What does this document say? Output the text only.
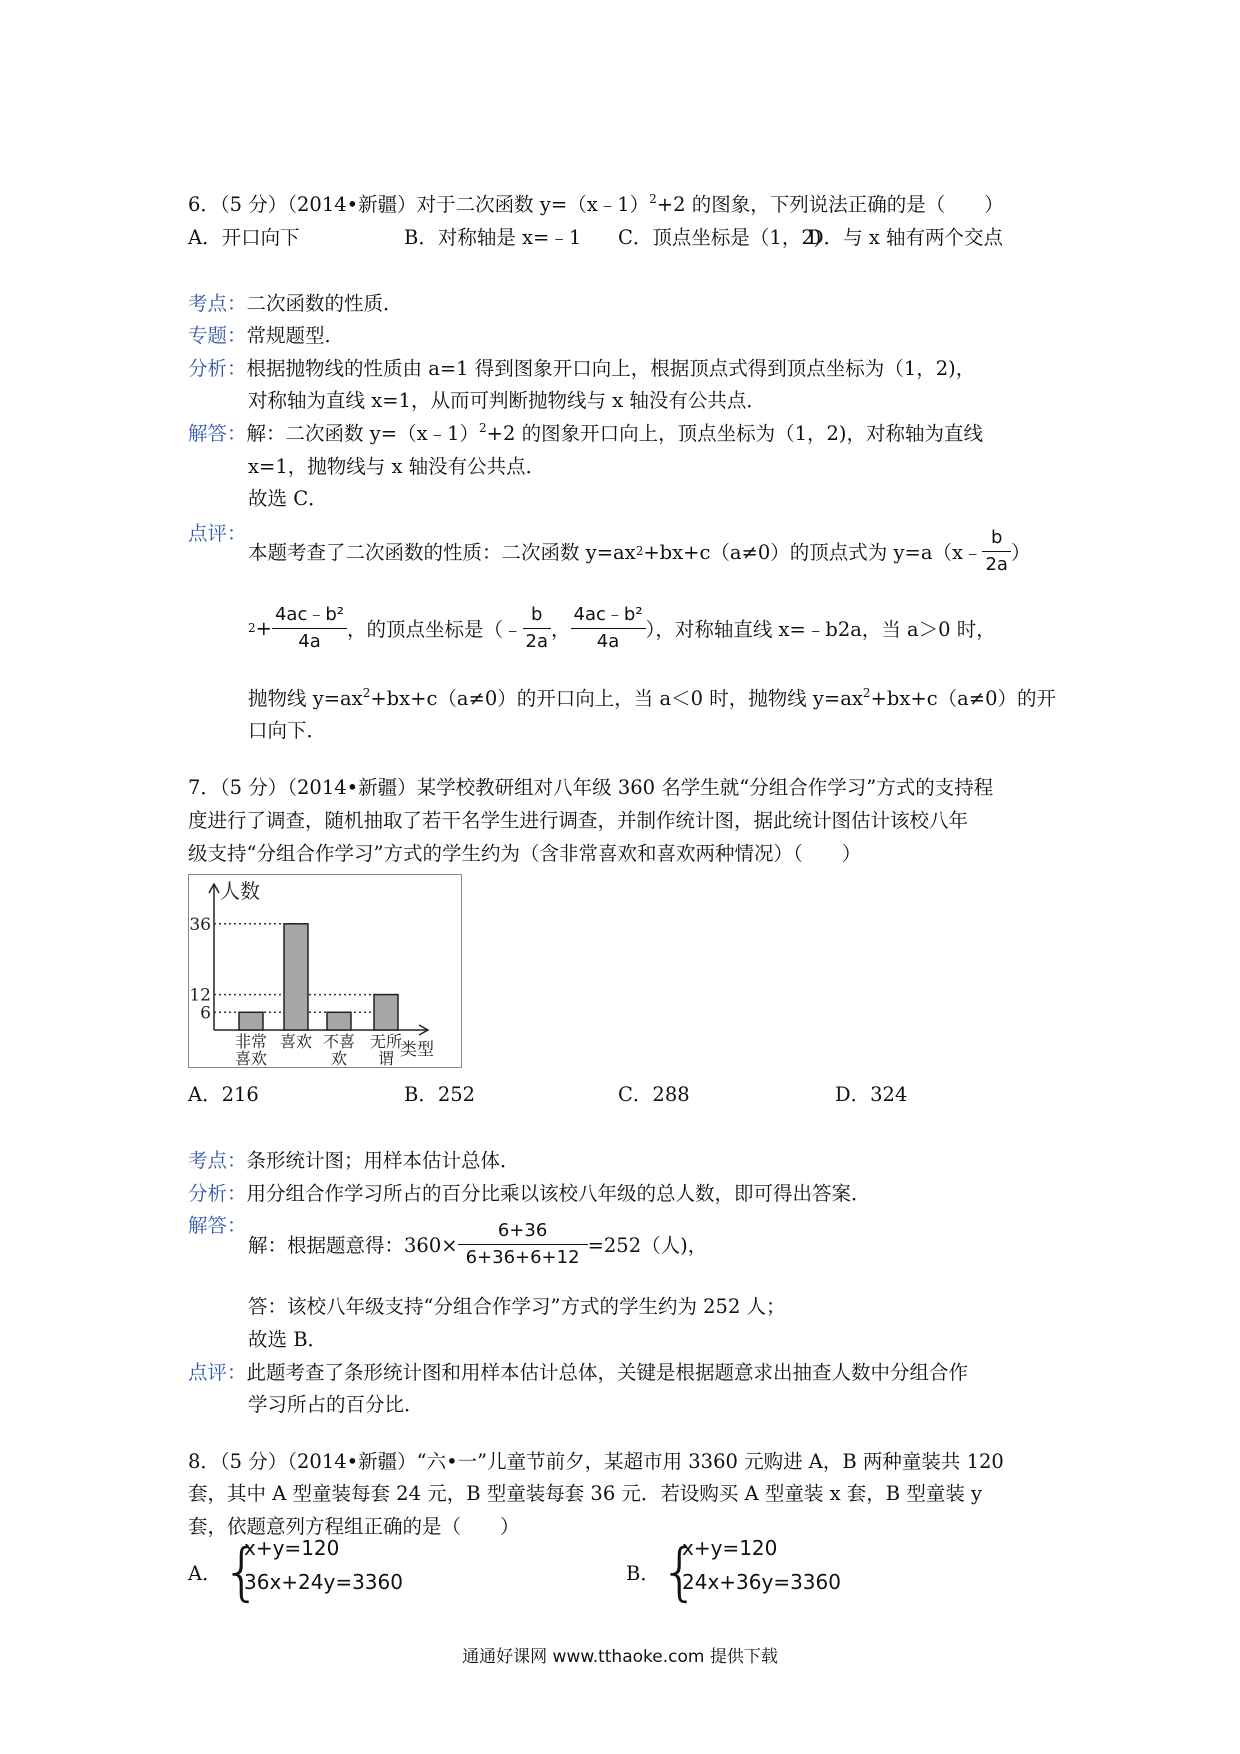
6．（5 分）（2014•新疆）对于二次函数 y=（x﹣1）$^2$+2 的图象，下列说法正确的是（　　）
A．开口向下	B．对称轴是 x=﹣1 C．顶点坐标是（1，2)
D．与 x 轴有两个交点
考点：二次函数的性质．
专题：常规题型．
分析：根据抛物线的性质由 a=1 得到图象开口向上，根据顶点式得到顶点坐标为（1，2)，
对称轴为直线 x=1，从而可判断抛物线与 x 轴没有公共点．
解答：解：二次函数 y=（x﹣1）$^2$+2 的图象开口向上，顶点坐标为（1，2)，对称轴为直线
x=1，抛物线与 x 轴没有公共点．
故选 C．
点评：
本题考查了二次函数的性质：二次函数 y=ax 2 +bx+c（a≠0）的顶点式为 y=a（x﹣ $\frac{b}{2a}$ ）
$2 + \frac{\text{4ac﹣b²}}{4a}$ ，的顶点坐标是（﹣ $\frac{b}{2a}$ ， $\frac{\text{4ac﹣b²}}{4a}$ ），对称轴直线 x=﹣b2a，当 a＞0 时，
抛物线 $y=ax^2+bx+c(a\ne 0)$的开口向上，当 a＜0 时，抛物线 $y=ax^2+bx+c(a\ne 0)$的开
口向下．
7．（5 分）（2014•新疆）某学校教研组对八年级 360 名学生就“分组合作学习”方式的支持程
度进行了调查，随机抽取了若干名学生进行调查，并制作统计图，据此统计图估计该校八年
级支持“分组合作学习”方式的学生约为（含非常喜欢和喜欢两种情况）（　　）
人数
类型
36
12
6
非常
喜欢
喜欢 不喜
欢
无所
谓
A．216	B．252	C．288	D．324
考点：条形统计图；用样本估计总体．
分析：用分组合作学习所占的百分比乘以该校八年级的总人数，即可得出答案．
解答：
解：根据题意得：$360\times \frac{6+36}{6+36+6+12} =252$（人)，
答：该校八年级支持“分组合作学习”方式的学生约为 252 人；
故选 B．
点评：此题考查了条形统计图和用样本估计总体，关键是根据题意求出抽查人数中分组合作
学习所占的百分比．
8．（5 分）（2014•新疆）“六•一”儿童节前夕，某超市用 3360 元购进 A，B 两种童装共 120
套，其中 A 型童装每套 24 元，B 型童装每套 36 元．若设购买 A 型童装 x 套，B 型童装 y
套，依题意列方程组正确的是（　　）
A． {
x+y=120
36x+24y=3360	B． {
x+y=120
24x+36y=3360
通通好课网 www.tthaoke.com 提供下载
